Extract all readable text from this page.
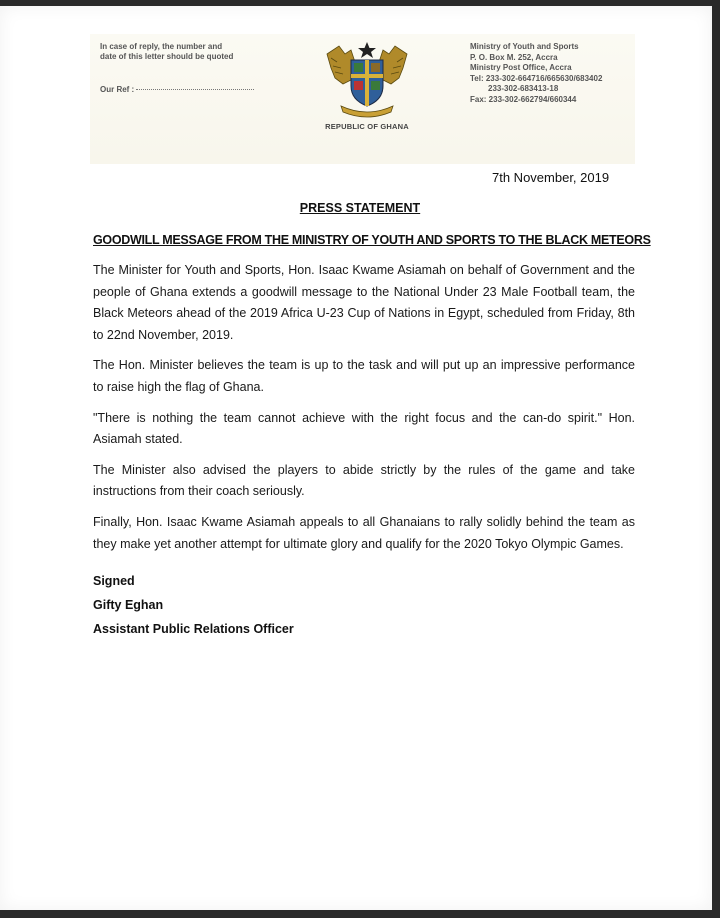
In case of reply, the number and
date of this letter should be quoted
Our Ref :
REPUBLIC OF GHANA
Ministry of Youth and Sports
P. O. Box M. 252, Accra
Ministry Post Office, Accra
Tel: 233-302-664716/665630/683402
233-302-683413-18
Fax: 233-302-662794/660344
7th November, 2019
PRESS STATEMENT
GOODWILL MESSAGE FROM THE MINISTRY OF YOUTH AND SPORTS TO THE BLACK METEORS

The Minister for Youth and Sports, Hon. Isaac Kwame Asiamah on behalf of Government and the people of Ghana extends a goodwill message to the National Under 23 Male Football team, the Black Meteors ahead of the 2019 Africa U-23 Cup of Nations in Egypt, scheduled from Friday, 8th to 22nd November, 2019.

The Hon. Minister believes the team is up to the task and will put up an impressive performance to raise high the flag of Ghana.

"There is nothing the team cannot achieve with the right focus and the can-do spirit." Hon. Asiamah stated.

The Minister also advised the players to abide strictly by the rules of the game and take instructions from their coach seriously.

Finally, Hon. Isaac Kwame Asiamah appeals to all Ghanaians to rally solidly behind the team as they make yet another attempt for ultimate glory and qualify for the 2020 Tokyo Olympic Games.

Signed
Gifty Eghan
Assistant Public Relations Officer
